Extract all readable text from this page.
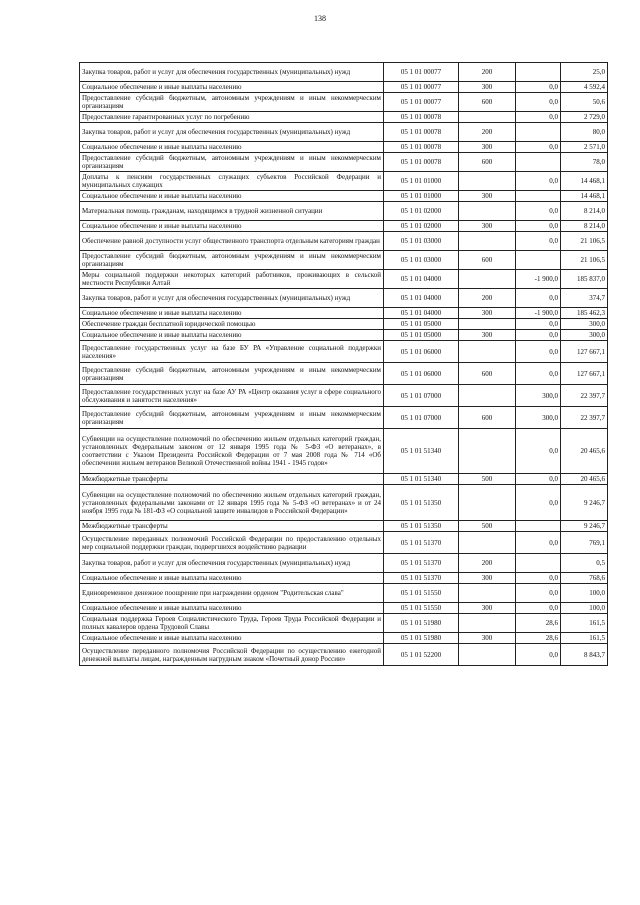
138
Закупка товаров, работ и услуг для обеспечения государственных (муниципальных) нужд	05 1 01 00077	200		25,0
Социальное обеспечение и иные выплаты населению	05 1 01 00077	300	0,0	4 592,4
Предоставление субсидий бюджетным, автономным учреждениям и иным некоммерческим организациям	05 1 01 00077	600	0,0	50,6
Предоставление гарантированных услуг по погребению	05 1 01 00078		0,0	2 729,0
Закупка товаров, работ и услуг для обеспечения государственных (муниципальных) нужд	05 1 01 00078	200		80,0
Социальное обеспечение и иные выплаты населению	05 1 01 00078	300	0,0	2 571,0
Предоставление субсидий бюджетным, автономным учреждениям и иным некоммерческим организациям	05 1 01 00078	600		78,0
Доплаты к пенсиям государственных служащих субъектов Российской Федерации и муниципальных служащих	05 1 01 01000		0,0	14 468,1
Социальное обеспечение и иные выплаты населению	05 1 01 01000	300		14 468,1
Материальная помощь гражданам, находящимся в трудной жизненной ситуации	05 1 01 02000		0,0	8 214,0
Социальное обеспечение и иные выплаты населению	05 1 01 02000	300	0,0	8 214,0
Обеспечение равной доступности услуг общественного транспорта отдельным категориям граждан	05 1 01 03000		0,0	21 106,5
Предоставление субсидий бюджетным, автономным учреждениям и иным некоммерческим организациям	05 1 01 03000	600		21 106,5
Меры социальной поддержки некоторых категорий работников, проживающих в сельской местности Республики Алтай	05 1 01 04000		-1 900,0	185 837,0
Закупка товаров, работ и услуг для обеспечения государственных (муниципальных) нужд	05 1 01 04000	200	0,0	374,7
Социальное обеспечение и иные выплаты населению	05 1 01 04000	300	-1 900,0	185 462,3
Обеспечение граждан бесплатной юридической помощью	05 1 01 05000		0,0	300,0
Социальное обеспечение и иные выплаты населению	05 1 01 05000	300	0,0	300,0
Предоставление государственных услуг на базе БУ РА «Управление социальной поддержки населения»	05 1 01 06000		0,0	127 667,1
Предоставление субсидий бюджетным, автономным учреждениям и иным некоммерческим организациям	05 1 01 06000	600	0,0	127 667,1
Предоставление государственных услуг на базе АУ РА «Центр оказания услуг в сфере социального обслуживания и занятости населения»	05 1 01 07000		300,0	22 397,7
Предоставление субсидий бюджетным, автономным учреждениям и иным некоммерческим организациям	05 1 01 07000	600	300,0	22 397,7
Субвенции на осуществление полномочий по обеспечению жильем отдельных категорий граждан, установленных Федеральным законом от 12 января 1995 года № 5-ФЗ «О ветеранах», в соответствии с Указом Президента Российской Федерации от 7 мая 2008 года № 714 «Об обеспечении жильем ветеранов Великой Отечественной войны 1941 - 1945 годов»	05 1 01 51340		0,0	20 465,6
Межбюджетные трансферты	05 1 01 51340	500	0,0	20 465,6
Субвенции на осуществление полномочий по обеспечению жильем отдельных категорий граждан, установленных федеральными законами от 12 января 1995 года № 5-ФЗ «О ветеранах» и от 24 ноября 1995 года № 181-ФЗ «О социальной защите инвалидов в Российской Федерации»	05 1 01 51350		0,0	9 246,7
Межбюджетные трансферты	05 1 01 51350	500		9 246,7
Осуществление переданных полномочий Российской Федерации по предоставлению отдельных мер социальной поддержки граждан, подвергшихся воздействию радиации	05 1 01 51370		0,0	769,1
Закупка товаров, работ и услуг для обеспечения государственных (муниципальных) нужд	05 1 01 51370	200		0,5
Социальное обеспечение и иные выплаты населению	05 1 01 51370	300	0,0	768,6
Единовременное денежное поощрение при награждении орденом "Родительская слава"	05 1 01 51550		0,0	100,0
Социальное обеспечение и иные выплаты населению	05 1 01 51550	300	0,0	100,0
Социальная поддержка Героев Социалистического Труда, Героев Труда Российской Федерации и полных кавалеров ордена Трудовой Славы	05 1 01 51980		28,6	161,5
Социальное обеспечение и иные выплаты населению	05 1 01 51980	300	28,6	161,5
Осуществление переданного полномочия Российской Федерации по осуществлению ежегодной денежной выплаты лицам, награжденным нагрудным знаком «Почетный донор России»	05 1 01 52200		0,0	8 843,7
